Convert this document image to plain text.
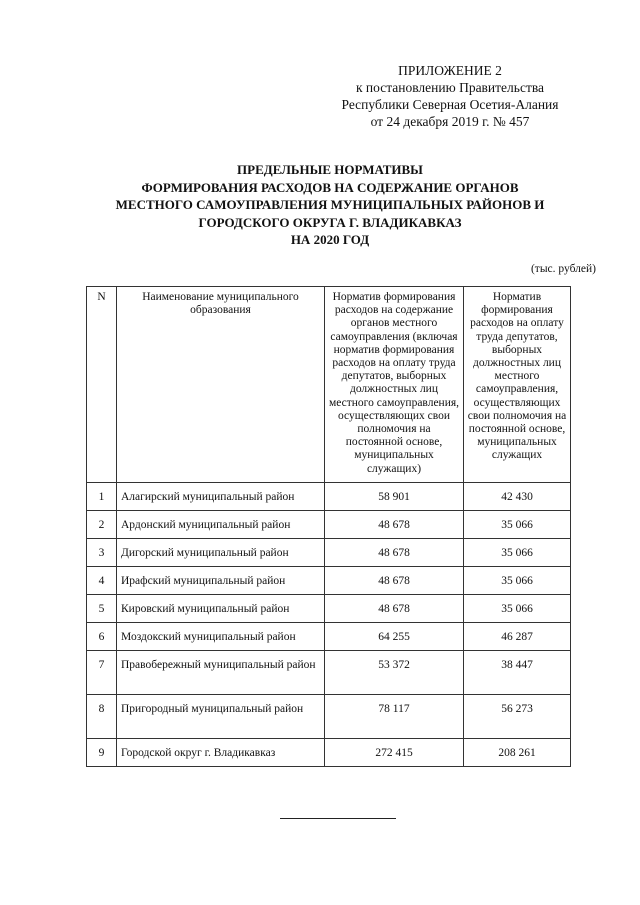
ПРИЛОЖЕНИЕ 2
к постановлению Правительства
Республики Северная Осетия-Алания
от 24 декабря 2019 г. № 457
ПРЕДЕЛЬНЫЕ НОРМАТИВЫ
ФОРМИРОВАНИЯ РАСХОДОВ НА СОДЕРЖАНИЕ ОРГАНОВ
МЕСТНОГО САМОУПРАВЛЕНИЯ МУНИЦИПАЛЬНЫХ РАЙОНОВ И
ГОРОДСКОГО ОКРУГА Г. ВЛАДИКАВКАЗ
НА 2020 ГОД
(тыс. рублей)
N	Наименование муниципального образования	Норматив формирования расходов на содержание органов местного самоуправления (включая норматив формирования расходов на оплату труда депутатов, выборных должностных лиц местного самоуправления, осуществляющих свои полномочия на постоянной основе, муниципальных служащих)	Норматив формирования расходов на оплату труда депутатов, выборных должностных лиц местного самоуправления, осуществляющих свои полномочия на постоянной основе, муниципальных служащих
1	Алагирский муниципальный район	58 901	42 430
2	Ардонский муниципальный район	48 678	35 066
3	Дигорский муниципальный район	48 678	35 066
4	Ирафский муниципальный район	48 678	35 066
5	Кировский муниципальный район	48 678	35 066
6	Моздокский муниципальный район	64 255	46 287
7	Правобережный муниципальный район	53 372	38 447
8	Пригородный муниципальный район	78 117	56 273
9	Городской округ г. Владикавказ	272 415	208 261
